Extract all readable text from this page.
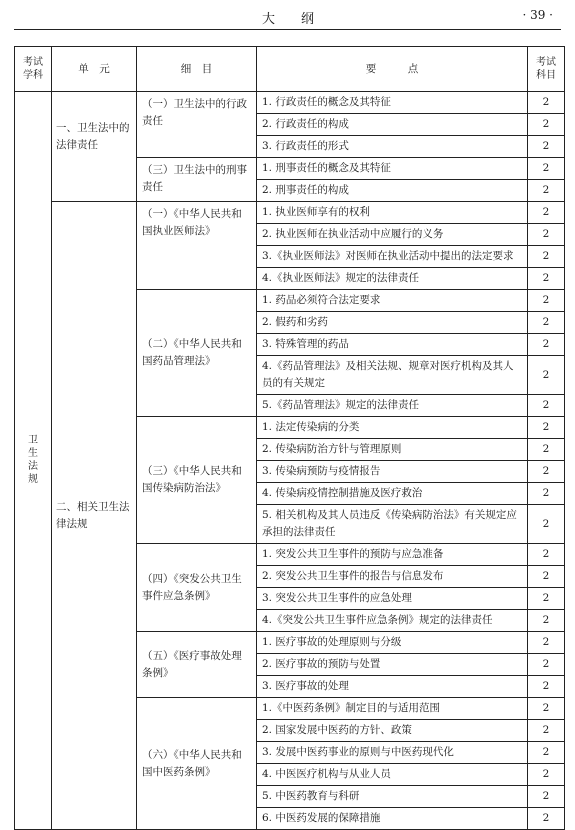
大纲	· 39 ·
考试 学科	单　元	细　目	要　　　点	考试 科目
卫生法规	一、卫生法中的法律责任	（一）卫生法中的行政责任	1. 行政责任的概念及其特征	2
			2. 行政责任的构成	2
			3. 行政责任的形式	2
		（三）卫生法中的刑事责任	1. 刑事责任的概念及其特征	2
			2. 刑事责任的构成	2
	二、相关卫生法律法规	（一）《中华人民共和国执业医师法》	1. 执业医师享有的权利	2
			2. 执业医师在执业活动中应履行的义务	2
			3.《执业医师法》对医师在执业活动中提出的法定要求	2
			4.《执业医师法》规定的法律责任	2
		（二）《中华人民共和国药品管理法》	1. 药品必须符合法定要求	2
			2. 假药和劣药	2
			3. 特殊管理的药品	2
			4.《药品管理法》及相关法规、规章对医疗机构及其人员的有关规定	2
			5.《药品管理法》规定的法律责任	2
		（三）《中华人民共和国传染病防治法》	1. 法定传染病的分类	2
			2. 传染病防治方针与管理原则	2
			3. 传染病预防与疫情报告	2
			4. 传染病疫情控制措施及医疗救治	2
			5. 相关机构及其人员违反《传染病防治法》有关规定应承担的法律责任	2
		（四）《突发公共卫生事件应急条例》	1. 突发公共卫生事件的预防与应急准备	2
			2. 突发公共卫生事件的报告与信息发布	2
			3. 突发公共卫生事件的应急处理	2
			4.《突发公共卫生事件应急条例》规定的法律责任	2
		（五）《医疗事故处理条例》	1. 医疗事故的处理原则与分级	2
			2. 医疗事故的预防与处置	2
			3. 医疗事故的处理	2
		（六）《中华人民共和国中医药条例》	1.《中医药条例》制定目的与适用范围	2
			2. 国家发展中医药的方针、政策	2
			3. 发展中医药事业的原则与中医药现代化	2
			4. 中医医疗机构与从业人员	2
			5. 中医药教育与科研	2
			6. 中医药发展的保障措施	2
